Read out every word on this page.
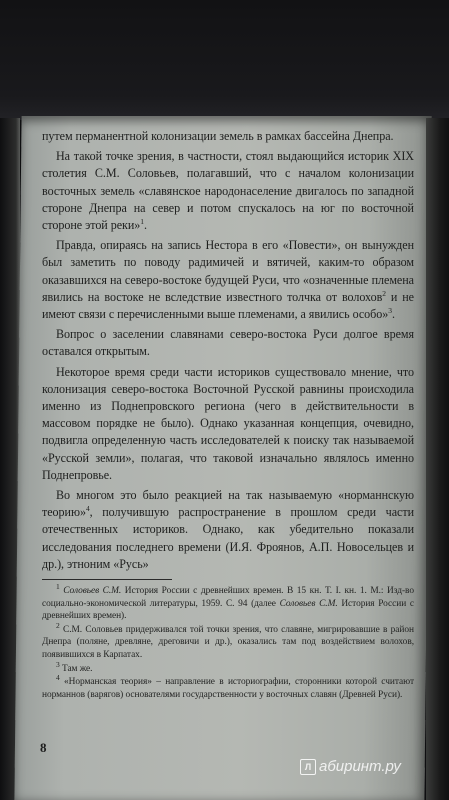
путем перманентной колонизации земель в рамках бассейна Днепра.

На такой точке зрения, в частности, стоял выдающийся историк XIX столетия С.М. Соловьев, полагавший, что с началом колонизации восточных земель «славянское народонаселение двигалось по западной стороне Днепра на север и потом спускалось на юг по восточной стороне этой реки»$^1$.

Правда, опираясь на запись Нестора в его «Повести», он вынужден был заметить по поводу радимичей и вятичей, каким-то образом оказавшихся на северо-востоке будущей Руси, что «означенные племена явились на востоке не вследствие известного толчка от волохов$^2$ и не имеют связи с перечисленными выше племенами, а явились особо»$^3$.

Вопрос о заселении славянами северо-востока Руси долгое время оставался открытым.

Некоторое время среди части историков существовало мнение, что колонизация северо-востока Восточной Русской равнины происходила именно из Поднепровского региона (чего в действительности в массовом порядке не было). Однако указанная концепция, очевидно, подвигла определенную часть исследователей к поиску так называемой «Русской земли», полагая, что таковой изначально являлось именно Поднепровье.

Во многом это было реакцией на так называемую «норманнскую теорию»$^4$, получившую распространение в прошлом среди части отечественных историков. Однако, как убедительно показали исследования последнего времени (И.Я. Фроянов, А.П. Новосельцев и др.), этноним «Русь»

$^1$ Соловьев С.М. История России с древнейших времен. В 15 кн. Т. I. кн. 1. М.: Изд-во социально-экономической литературы, 1959. С. 94 (далее Соловьев С.М. История России с древнейших времен).

$^2$ С.М. Соловьев придерживался той точки зрения, что славяне, мигрировавшие в район Днепра (поляне, древляне, дреговичи и др.), оказались там под воздействием волохов, появившихся в Карпатах.

$^3$ Там же.

$^4$ «Норманская теория» – направление в историографии, сторонники которой считают норманнов (варягов) основателями государственности у восточных славян (Древней Руси).

8
Л абиринт.ру
